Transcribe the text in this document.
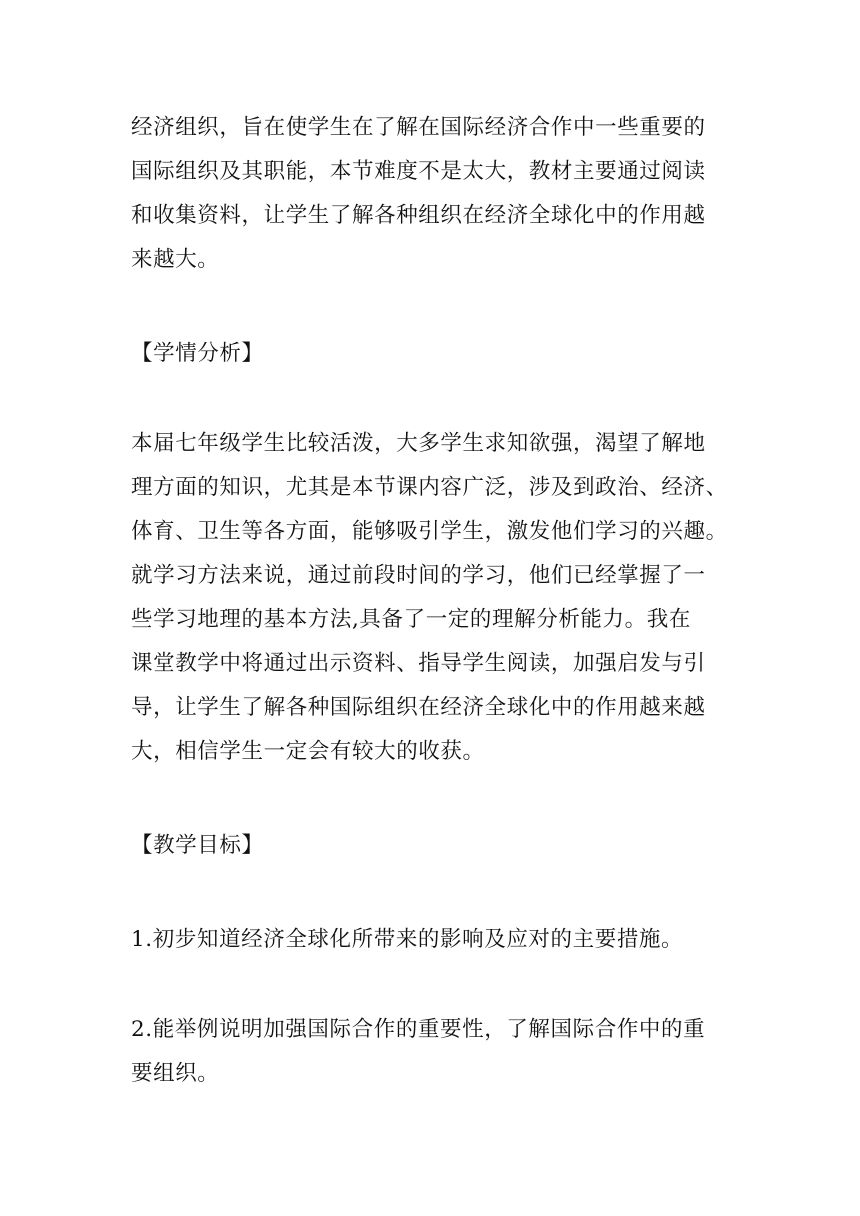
经济组织，旨在使学生在了解在国际经济合作中一些重要的
国际组织及其职能，本节难度不是太大，教材主要通过阅读
和收集资料，让学生了解各种组织在经济全球化中的作用越
来越大。
【学情分析】
本届七年级学生比较活泼，大多学生求知欲强，渴望了解地
理方面的知识，尤其是本节课内容广泛，涉及到政治、经济、
体育、卫生等各方面，能够吸引学生，激发他们学习的兴趣。
就学习方法来说，通过前段时间的学习，他们已经掌握了一
些学习地理的基本方法,具备了一定的理解分析能力。我在
课堂教学中将通过出示资料、指导学生阅读，加强启发与引
导，让学生了解各种国际组织在经济全球化中的作用越来越
大，相信学生一定会有较大的收获。
【教学目标】
1.初步知道经济全球化所带来的影响及应对的主要措施。
2.能举例说明加强国际合作的重要性，了解国际合作中的重
要组织。
